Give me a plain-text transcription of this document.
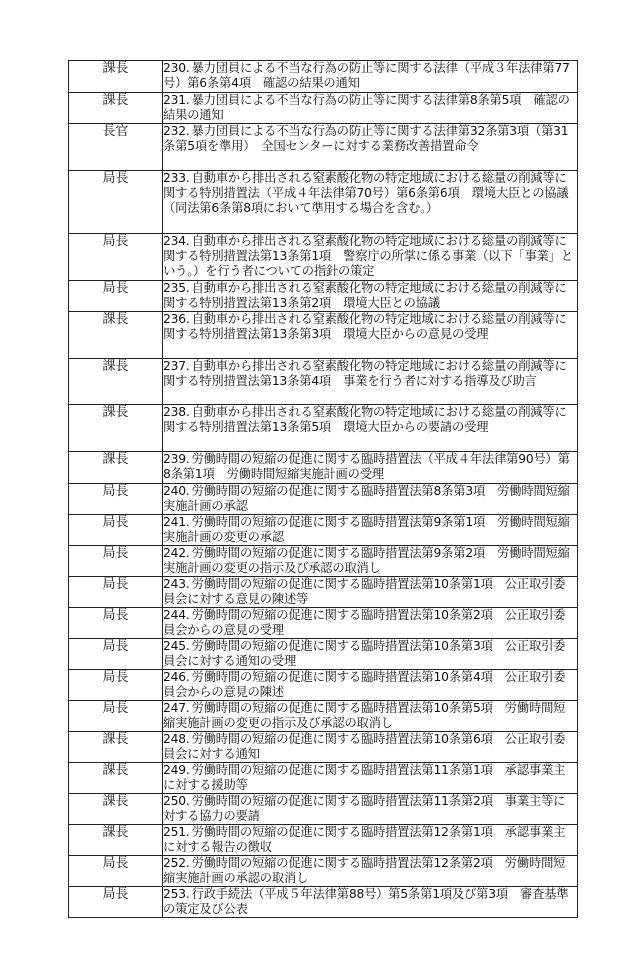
課長	230. 暴力団員による不当な行為の防止等に関する法律（平成３年法律第77号）第6条第4項　確認の結果の通知
課長	231. 暴力団員による不当な行為の防止等に関する法律第8条第5項　確認の結果の通知
長官	232. 暴力団員による不当な行為の防止等に関する法律第32条第3項（第31条第5項を準用）　全国センターに対する業務改善措置命令
局長	233. 自動車から排出される窒素酸化物の特定地域における総量の削減等に関する特別措置法（平成４年法律第70号）第6条第6項　環境大臣との協議（同法第6条第8項において準用する場合を含む。）
局長	234. 自動車から排出される窒素酸化物の特定地域における総量の削減等に関する特別措置法第13条第1項　警察庁の所掌に係る事業（以下「事業」という。）を行う者についての指針の策定
局長	235. 自動車から排出される窒素酸化物の特定地域における総量の削減等に関する特別措置法第13条第2項　環境大臣との協議
課長	236. 自動車から排出される窒素酸化物の特定地域における総量の削減等に関する特別措置法第13条第3項　環境大臣からの意見の受理
課長	237. 自動車から排出される窒素酸化物の特定地域における総量の削減等に関する特別措置法第13条第4項　事業を行う者に対する指導及び助言
課長	238. 自動車から排出される窒素酸化物の特定地域における総量の削減等に関する特別措置法第13条第5項　環境大臣からの要請の受理
課長	239. 労働時間の短縮の促進に関する臨時措置法（平成４年法律第90号）第8条第1項　労働時間短縮実施計画の受理
局長	240. 労働時間の短縮の促進に関する臨時措置法第8条第3項　労働時間短縮実施計画の承認
局長	241. 労働時間の短縮の促進に関する臨時措置法第9条第1項　労働時間短縮実施計画の変更の承認
局長	242. 労働時間の短縮の促進に関する臨時措置法第9条第2項　労働時間短縮実施計画の変更の指示及び承認の取消し
局長	243. 労働時間の短縮の促進に関する臨時措置法第10条第1項　公正取引委員会に対する意見の陳述等
局長	244. 労働時間の短縮の促進に関する臨時措置法第10条第2項　公正取引委員会からの意見の受理
局長	245. 労働時間の短縮の促進に関する臨時措置法第10条第3項　公正取引委員会に対する通知の受理
局長	246. 労働時間の短縮の促進に関する臨時措置法第10条第4項　公正取引委員会からの意見の陳述
局長	247. 労働時間の短縮の促進に関する臨時措置法第10条第5項　労働時間短縮実施計画の変更の指示及び承認の取消し
課長	248. 労働時間の短縮の促進に関する臨時措置法第10条第6項　公正取引委員会に対する通知
課長	249. 労働時間の短縮の促進に関する臨時措置法第11条第1項　承認事業主に対する援助等
課長	250. 労働時間の短縮の促進に関する臨時措置法第11条第2項　事業主等に対する協力の要請
課長	251. 労働時間の短縮の促進に関する臨時措置法第12条第1項　承認事業主に対する報告の徴収
局長	252. 労働時間の短縮の促進に関する臨時措置法第12条第2項　労働時間短縮実施計画の承認の取消し
局長	253. 行政手続法（平成５年法律第88号）第5条第1項及び第3項　審査基準の策定及び公表
